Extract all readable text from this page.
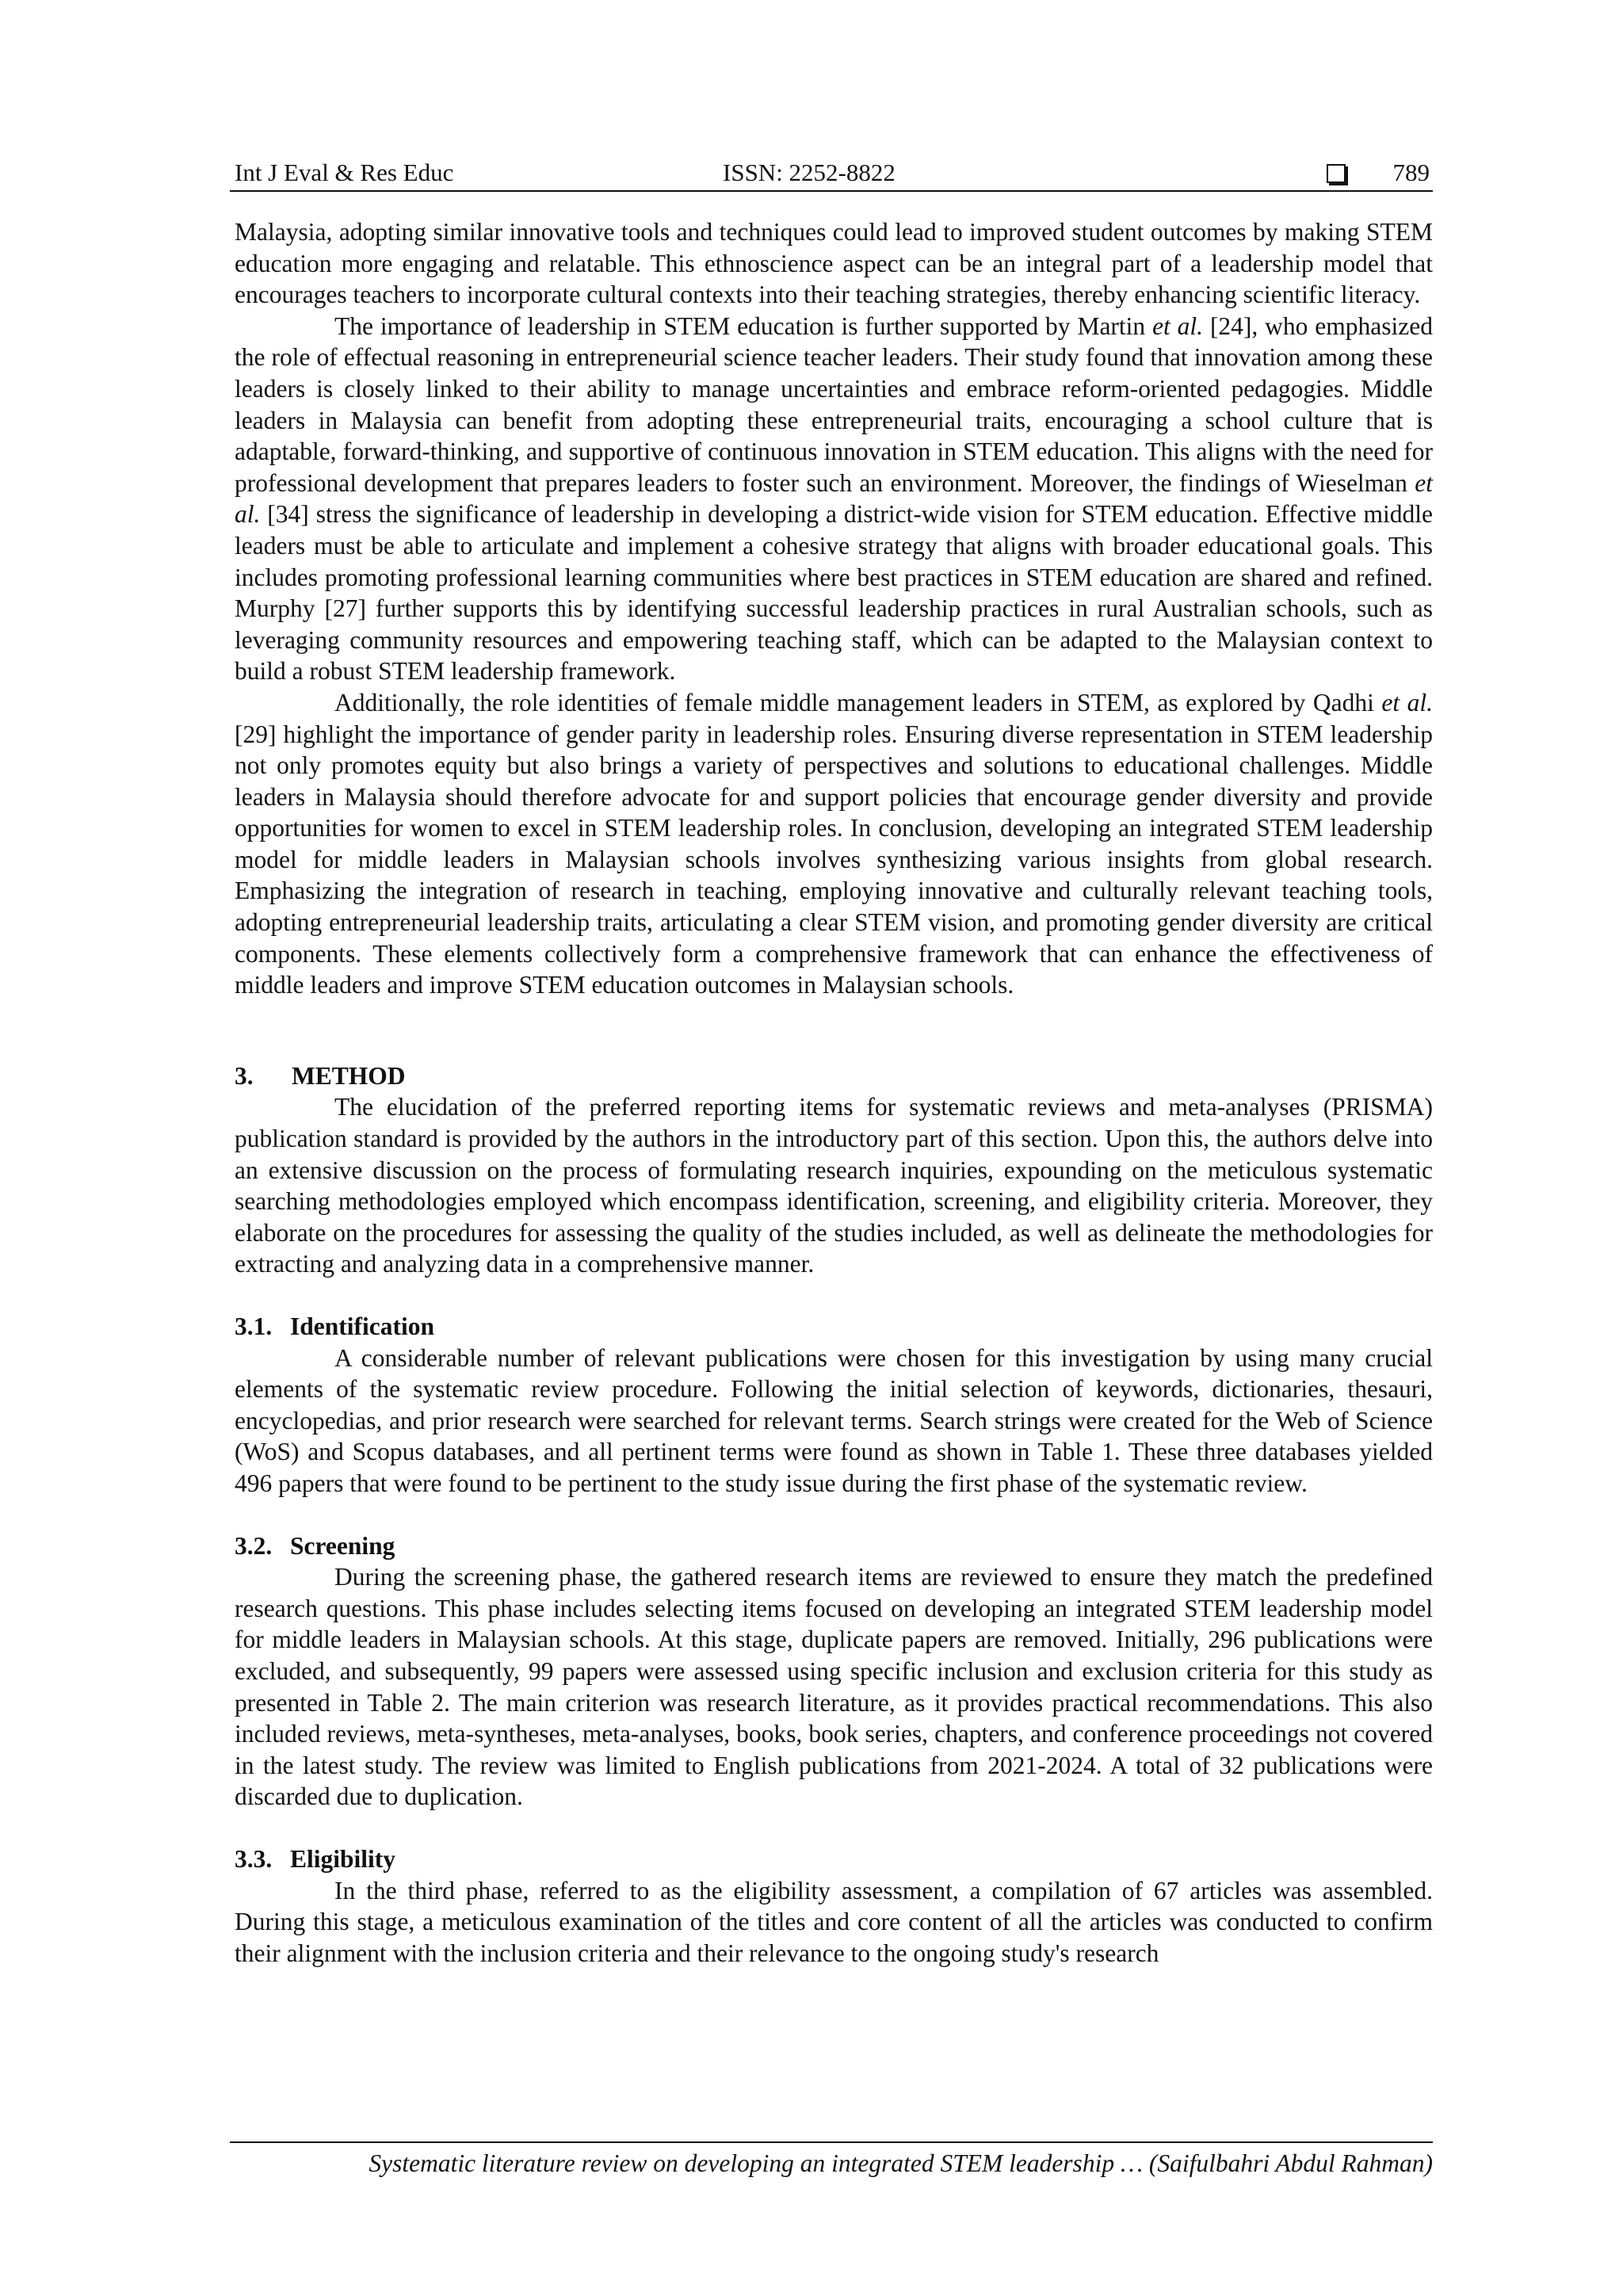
Int J Eval & Res Educ	ISSN: 2252-8822	789

Malaysia, adopting similar innovative tools and techniques could lead to improved student outcomes by making STEM education more engaging and relatable. This ethnoscience aspect can be an integral part of a leadership model that encourages teachers to incorporate cultural contexts into their teaching strategies, thereby enhancing scientific literacy.

The importance of leadership in STEM education is further supported by Martin et al. [24], who emphasized the role of effectual reasoning in entrepreneurial science teacher leaders. Their study found that innovation among these leaders is closely linked to their ability to manage uncertainties and embrace reform-oriented pedagogies. Middle leaders in Malaysia can benefit from adopting these entrepreneurial traits, encouraging a school culture that is adaptable, forward-thinking, and supportive of continuous innovation in STEM education. This aligns with the need for professional development that prepares leaders to foster such an environment. Moreover, the findings of Wieselman et al. [34] stress the significance of leadership in developing a district-wide vision for STEM education. Effective middle leaders must be able to articulate and implement a cohesive strategy that aligns with broader educational goals. This includes promoting professional learning communities where best practices in STEM education are shared and refined. Murphy [27] further supports this by identifying successful leadership practices in rural Australian schools, such as leveraging community resources and empowering teaching staff, which can be adapted to the Malaysian context to build a robust STEM leadership framework.

Additionally, the role identities of female middle management leaders in STEM, as explored by Qadhi et al. [29] highlight the importance of gender parity in leadership roles. Ensuring diverse representation in STEM leadership not only promotes equity but also brings a variety of perspectives and solutions to educational challenges. Middle leaders in Malaysia should therefore advocate for and support policies that encourage gender diversity and provide opportunities for women to excel in STEM leadership roles. In conclusion, developing an integrated STEM leadership model for middle leaders in Malaysian schools involves synthesizing various insights from global research. Emphasizing the integration of research in teaching, employing innovative and culturally relevant teaching tools, adopting entrepreneurial leadership traits, articulating a clear STEM vision, and promoting gender diversity are critical components. These elements collectively form a comprehensive framework that can enhance the effectiveness of middle leaders and improve STEM education outcomes in Malaysian schools.

3. METHOD

The elucidation of the preferred reporting items for systematic reviews and meta-analyses (PRISMA) publication standard is provided by the authors in the introductory part of this section. Upon this, the authors delve into an extensive discussion on the process of formulating research inquiries, expounding on the meticulous systematic searching methodologies employed which encompass identification, screening, and eligibility criteria. Moreover, they elaborate on the procedures for assessing the quality of the studies included, as well as delineate the methodologies for extracting and analyzing data in a comprehensive manner.

3.1. Identification

A considerable number of relevant publications were chosen for this investigation by using many crucial elements of the systematic review procedure. Following the initial selection of keywords, dictionaries, thesauri, encyclopedias, and prior research were searched for relevant terms. Search strings were created for the Web of Science (WoS) and Scopus databases, and all pertinent terms were found as shown in Table 1. These three databases yielded 496 papers that were found to be pertinent to the study issue during the first phase of the systematic review.

3.2. Screening

During the screening phase, the gathered research items are reviewed to ensure they match the predefined research questions. This phase includes selecting items focused on developing an integrated STEM leadership model for middle leaders in Malaysian schools. At this stage, duplicate papers are removed. Initially, 296 publications were excluded, and subsequently, 99 papers were assessed using specific inclusion and exclusion criteria for this study as presented in Table 2. The main criterion was research literature, as it provides practical recommendations. This also included reviews, meta-syntheses, meta-analyses, books, book series, chapters, and conference proceedings not covered in the latest study. The review was limited to English publications from 2021-2024. A total of 32 publications were discarded due to duplication.

3.3. Eligibility

In the third phase, referred to as the eligibility assessment, a compilation of 67 articles was assembled. During this stage, a meticulous examination of the titles and core content of all the articles was conducted to confirm their alignment with the inclusion criteria and their relevance to the ongoing study's research

Systematic literature review on developing an integrated STEM leadership … (Saifulbahri Abdul Rahman)
